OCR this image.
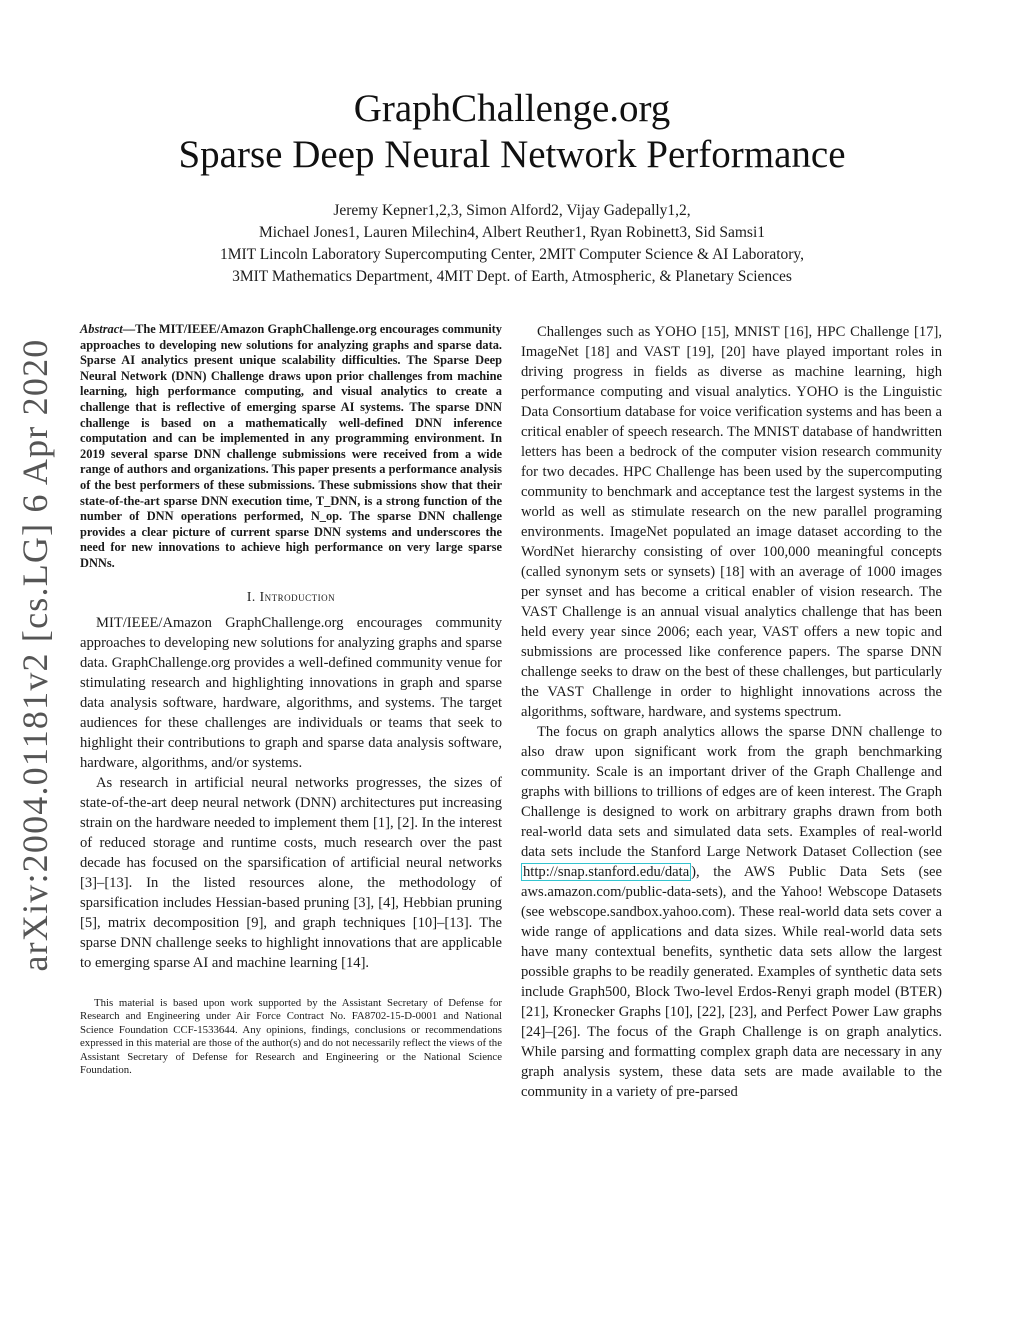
arXiv:2004.01181v2 [cs.LG] 6 Apr 2020
GraphChallenge.org
Sparse Deep Neural Network Performance
Jeremy Kepner1,2,3, Simon Alford2, Vijay Gadepally1,2,
Michael Jones1, Lauren Milechin4, Albert Reuther1, Ryan Robinett3, Sid Samsi1
1MIT Lincoln Laboratory Supercomputing Center, 2MIT Computer Science & AI Laboratory,
3MIT Mathematics Department, 4MIT Dept. of Earth, Atmospheric, & Planetary Sciences
Abstract—The MIT/IEEE/Amazon GraphChallenge.org encourages community approaches to developing new solutions for analyzing graphs and sparse data. Sparse AI analytics present unique scalability difficulties. The Sparse Deep Neural Network (DNN) Challenge draws upon prior challenges from machine learning, high performance computing, and visual analytics to create a challenge that is reflective of emerging sparse AI systems. The sparse DNN challenge is based on a mathematically well-defined DNN inference computation and can be implemented in any programming environment. In 2019 several sparse DNN challenge submissions were received from a wide range of authors and organizations. This paper presents a performance analysis of the best performers of these submissions. These submissions show that their state-of-the-art sparse DNN execution time, T_DNN, is a strong function of the number of DNN operations performed, N_op. The sparse DNN challenge provides a clear picture of current sparse DNN systems and underscores the need for new innovations to achieve high performance on very large sparse DNNs.
I. Introduction

MIT/IEEE/Amazon GraphChallenge.org encourages community approaches to developing new solutions for analyzing graphs and sparse data. GraphChallenge.org provides a well-defined community venue for stimulating research and highlighting innovations in graph and sparse data analysis software, hardware, algorithms, and systems. The target audiences for these challenges are individuals or teams that seek to highlight their contributions to graph and sparse data analysis software, hardware, algorithms, and/or systems.

As research in artificial neural networks progresses, the sizes of state-of-the-art deep neural network (DNN) architectures put increasing strain on the hardware needed to implement them [1], [2]. In the interest of reduced storage and runtime costs, much research over the past decade has focused on the sparsification of artificial neural networks [3]–[13]. In the listed resources alone, the methodology of sparsification includes Hessian-based pruning [3], [4], Hebbian pruning [5], matrix decomposition [9], and graph techniques [10]–[13]. The sparse DNN challenge seeks to highlight innovations that are applicable to emerging sparse AI and machine learning [14].

This material is based upon work supported by the Assistant Secretary of Defense for Research and Engineering under Air Force Contract No. FA8702-15-D-0001 and National Science Foundation CCF-1533644. Any opinions, findings, conclusions or recommendations expressed in this material are those of the author(s) and do not necessarily reflect the views of the Assistant Secretary of Defense for Research and Engineering or the National Science Foundation.

Challenges such as YOHO [15], MNIST [16], HPC Challenge [17], ImageNet [18] and VAST [19], [20] have played important roles in driving progress in fields as diverse as machine learning, high performance computing and visual analytics. YOHO is the Linguistic Data Consortium database for voice verification systems and has been a critical enabler of speech research. The MNIST database of handwritten letters has been a bedrock of the computer vision research community for two decades. HPC Challenge has been used by the supercomputing community to benchmark and acceptance test the largest systems in the world as well as stimulate research on the new parallel programing environments. ImageNet populated an image dataset according to the WordNet hierarchy consisting of over 100,000 meaningful concepts (called synonym sets or synsets) [18] with an average of 1000 images per synset and has become a critical enabler of vision research. The VAST Challenge is an annual visual analytics challenge that has been held every year since 2006; each year, VAST offers a new topic and submissions are processed like conference papers. The sparse DNN challenge seeks to draw on the best of these challenges, but particularly the VAST Challenge in order to highlight innovations across the algorithms, software, hardware, and systems spectrum.

The focus on graph analytics allows the sparse DNN challenge to also draw upon significant work from the graph benchmarking community. Scale is an important driver of the Graph Challenge and graphs with billions to trillions of edges are of keen interest. The Graph Challenge is designed to work on arbitrary graphs drawn from both real-world data sets and simulated data sets. Examples of real-world data sets include the Stanford Large Network Dataset Collection (see http://snap.stanford.edu/data ), the AWS Public Data Sets (see aws.amazon.com/public-data-sets), and the Yahoo! Webscope Datasets (see webscope.sandbox.yahoo.com). These real-world data sets cover a wide range of applications and data sizes. While real-world data sets have many contextual benefits, synthetic data sets allow the largest possible graphs to be readily generated. Examples of synthetic data sets include Graph500, Block Two-level Erdos-Renyi graph model (BTER) [21], Kronecker Graphs [10], [22], [23], and Perfect Power Law graphs [24]–[26]. The focus of the Graph Challenge is on graph analytics. While parsing and formatting complex graph data are necessary in any graph analysis system, these data sets are made available to the community in a variety of pre-parsed
